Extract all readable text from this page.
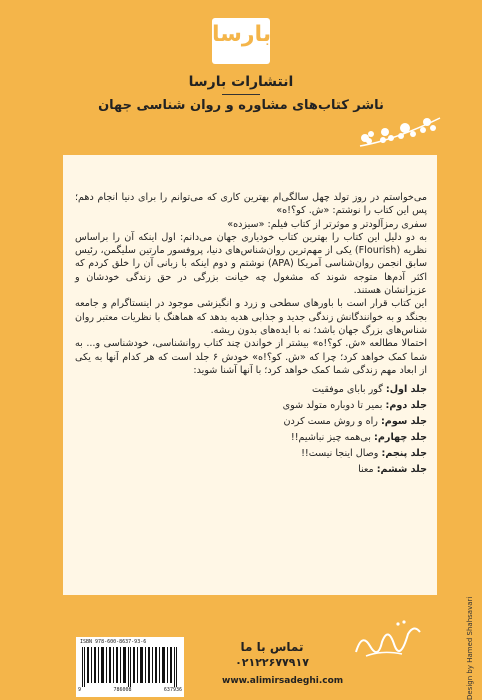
بارسا
انتشارات بارسا
ناشر کتاب‌های مشاوره و روان شناسی جهان

می‌خواستم در روز تولد چهل سالگی‌ام بهترین کاری که می‌توانم را برای دنیا انجام دهم؛ پس این کتاب را نوشتم: «ش. کو؟!ه»

سفری رمزآلودتر و موثرتر از کتاب فیلم: «سیزده»

به دو دلیل این کتاب را بهترین کتاب خودیاری جهان می‌دانم: اول اینکه آن را براساس نظریه (Flourish) یکی از مهم‌ترین روان‌شناس‌های دنیا، پروفسور مارتین سلیگمن، رئیس سابق انجمن روان‌شناسی آمریکا (APA) نوشتم و دوم اینکه با زبانی آن را خلق کردم که اکثر آدم‌ها متوجه شوند که مشغول چه خیانت بزرگی در حق زندگی خودشان و عزیزانشان هستند.

این کتاب قرار است با باورهای سطحی و زرد و انگیزشی موجود در اینستاگرام و جامعه بجنگد و به خوانندگانش زندگی جدید و جذابی هدیه بدهد که هماهنگ با نظریات معتبر روان شناس‌های بزرگ جهان باشد؛ نه با ایده‌های بدون ریشه.

احتمالا مطالعه «ش. کو؟!ه» بیشتر از خواندن چند کتاب روانشناسی، خودشناسی و... به شما کمک خواهد کرد؛ چرا که «ش. کو؟!ه» خودش ۶ جلد است که هر کدام آنها به یکی از ابعاد مهم زندگی شما کمک خواهد کرد؛ با آنها آشنا شوید:

جلد اول: گور بابای موفقیت
جلد دوم: بمیر تا دوباره متولد شوی
جلد سوم: راه و روش مست کردن
جلد چهارم: بی‌همه چیز نباشیم!!
جلد پنجم: وصال اینجا نیست!!
جلد ششم: معنا
تماس با ما
۰۲۱۲۲۶۷۷۹۱۷
www.alimirsadeghi.com
ISBN 978-600-8637-93-6
9	786008	637936	Design by Hamed Shahsavari
